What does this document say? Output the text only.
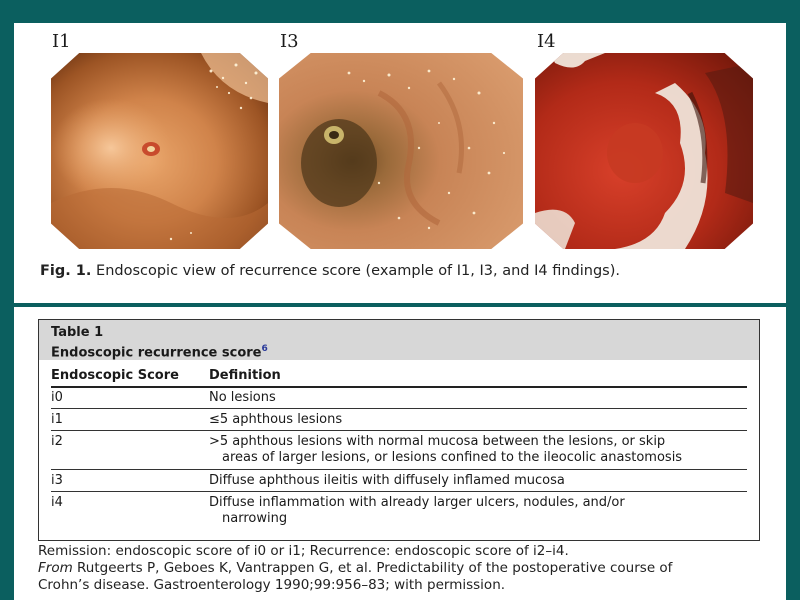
I1	I3	I4
Fig. 1. Endoscopic view of recurrence score (example of I1, I3, and I4 findings).
Table 1
Endoscopic recurrence score$^6$
Endoscopic Score Definition
i0	No lesions
i1	≤5 aphthous lesions
i2	>5 aphthous lesions with normal mucosa between the lesions, or skip
areas of larger lesions, or lesions confined to the ileocolic anastomosis
i3	Diffuse aphthous ileitis with diffusely inflamed mucosa
i4	Diffuse inflammation with already larger ulcers, nodules, and/or
narrowing
Remission: endoscopic score of i0 or i1; Recurrence: endoscopic score of i2–i4.
From Rutgeerts P, Geboes K, Vantrappen G, et al. Predictability of the postoperative course of
Crohn’s disease. Gastroenterology 1990;99:956–83; with permission.
